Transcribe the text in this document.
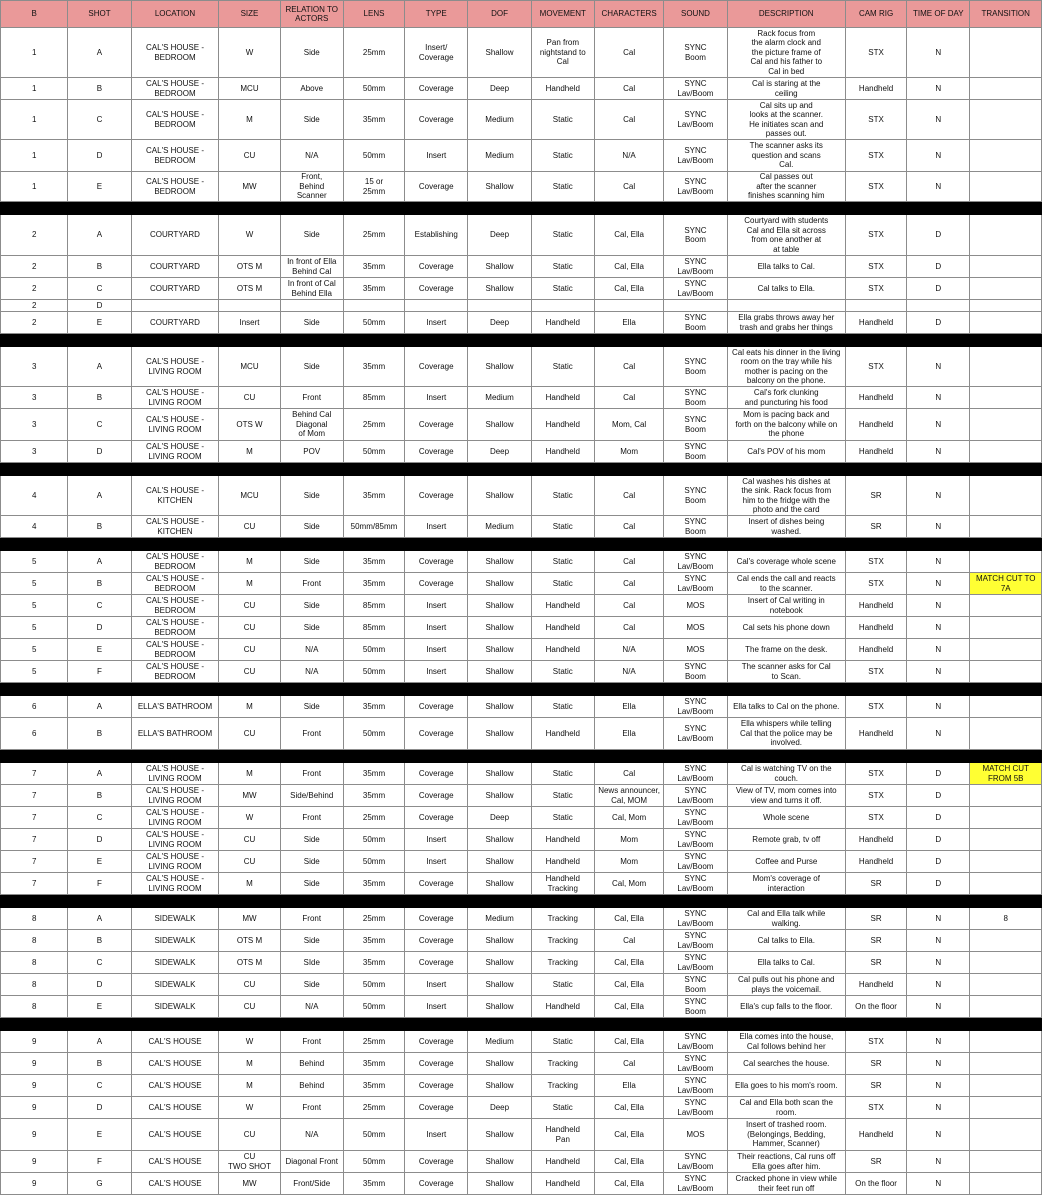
B	SHOT	LOCATION	SIZE	RELATION TO ACTORS	LENS	TYPE	DOF	MOVEMENT	CHARACTERS	SOUND	DESCRIPTION	CAM RIG	TIME OF DAY	TRANSITION
1	A	CAL'S HOUSE -
BEDROOM	W	Side	25mm	Insert/
Coverage	Shallow	Pan from
nightstand to
Cal	Cal	SYNC
Boom	Rack focus from
the alarm clock and
the picture frame of
Cal and his father to
Cal in bed	STX	N	
1	B	CAL'S HOUSE -
BEDROOM	MCU	Above	50mm	Coverage	Deep	Handheld	Cal	SYNC
Lav/Boom	Cal is staring at the
ceiling	Handheld	N	
1	C	CAL'S HOUSE -
BEDROOM	M	Side	35mm	Coverage	Medium	Static	Cal	SYNC
Lav/Boom	Cal sits up and
looks at the scanner.
He initiates scan and
passes out.	STX	N	
1	D	CAL'S HOUSE -
BEDROOM	CU	N/A	50mm	Insert	Medium	Static	N/A	SYNC
Lav/Boom	The scanner asks its
question and scans
Cal.	STX	N	
1	E	CAL'S HOUSE -
BEDROOM	MW	Front,
Behind
Scanner	15 or
25mm	Coverage	Shallow	Static	Cal	SYNC
Lav/Boom	Cal passes out
after the scanner
finishes scanning him	STX	N	

2	A	COURTYARD	W	Side	25mm	Establishing	Deep	Static	Cal, Ella	SYNC
Boom	Courtyard with students
Cal and Ella sit across
from one another at
at table	STX	D	
2	B	COURTYARD	OTS M	In front of Ella
Behind Cal	35mm	Coverage	Shallow	Static	Cal, Ella	SYNC
Lav/Boom	Ella talks to Cal.	STX	D	
2	C	COURTYARD	OTS M	In front of Cal
Behind Ella	35mm	Coverage	Shallow	Static	Cal, Ella	SYNC
Lav/Boom	Cal talks to Ella.	STX	D	
2	D													
2	E	COURTYARD	Insert	Side	50mm	Insert	Deep	Handheld	Ella	SYNC
Boom	Ella grabs throws away her
trash and grabs her things	Handheld	D	

3	A	CAL'S HOUSE -
LIVING ROOM	MCU	Side	35mm	Coverage	Shallow	Static	Cal	SYNC
Boom	Cal eats his dinner in the living
room on the tray while his
mother is pacing on the
balcony on the phone.	STX	N	
3	B	CAL'S HOUSE -
LIVING ROOM	CU	Front	85mm	Insert	Medium	Handheld	Cal	SYNC
Boom	Cal's fork clunking
and puncturing his food	Handheld	N	
3	C	CAL'S HOUSE -
LIVING ROOM	OTS W	Behind Cal
Diagonal
of Mom	25mm	Coverage	Shallow	Handheld	Mom, Cal	SYNC
Boom	Mom is pacing back and
forth on the balcony while on
the phone	Handheld	N	
3	D	CAL'S HOUSE -
LIVING ROOM	M	POV	50mm	Coverage	Deep	Handheld	Mom	SYNC
Boom	Cal's POV of his mom	Handheld	N	

4	A	CAL'S HOUSE -
KITCHEN	MCU	Side	35mm	Coverage	Shallow	Static	Cal	SYNC
Boom	Cal washes his dishes at
the sink. Rack focus from
him to the fridge with the
photo and the card	SR	N	
4	B	CAL'S HOUSE -
KITCHEN	CU	Side	50mm/85mm	Insert	Medium	Static	Cal	SYNC
Boom	Insert of dishes being
washed.	SR	N	

5	A	CAL'S HOUSE -
BEDROOM	M	Side	35mm	Coverage	Shallow	Static	Cal	SYNC
Lav/Boom	Cal's coverage whole scene	STX	N	
5	B	CAL'S HOUSE -
BEDROOM	M	Front	35mm	Coverage	Shallow	Static	Cal	SYNC
Lav/Boom	Cal ends the call and reacts
to the scanner.	STX	N	MATCH CUT TO
7A
5	C	CAL'S HOUSE -
BEDROOM	CU	Side	85mm	Insert	Shallow	Handheld	Cal	MOS	Insert of Cal writing in
notebook	Handheld	N	
5	D	CAL'S HOUSE -
BEDROOM	CU	Side	85mm	Insert	Shallow	Handheld	Cal	MOS	Cal sets his phone down	Handheld	N	
5	E	CAL'S HOUSE -
BEDROOM	CU	N/A	50mm	Insert	Shallow	Handheld	N/A	MOS	The frame on the desk.	Handheld	N	
5	F	CAL'S HOUSE -
BEDROOM	CU	N/A	50mm	Insert	Shallow	Static	N/A	SYNC
Boom	The scanner asks for Cal
to Scan.	STX	N	

6	A	ELLA'S BATHROOM	M	Side	35mm	Coverage	Shallow	Static	Ella	SYNC
Lav/Boom	Ella talks to Cal on the phone.	STX	N	
6	B	ELLA'S BATHROOM	CU	Front	50mm	Coverage	Shallow	Handheld	Ella	SYNC
Lav/Boom	Ella whispers while telling
Cal that the police may be
involved.	Handheld	N	

7	A	CAL'S HOUSE -
LIVING ROOM	M	Front	35mm	Coverage	Shallow	Static	Cal	SYNC
Lav/Boom	Cal is watching TV on the
couch.	STX	D	MATCH CUT
FROM 5B
7	B	CAL'S HOUSE -
LIVING ROOM	MW	Side/Behind	35mm	Coverage	Shallow	Static	News announcer,
Cal, MOM	SYNC
Lav/Boom	View of TV, mom comes into
view and turns it off.	STX	D	
7	C	CAL'S HOUSE -
LIVING ROOM	W	Front	25mm	Coverage	Deep	Static	Cal, Mom	SYNC
Lav/Boom	Whole scene	STX	D	
7	D	CAL'S HOUSE -
LIVING ROOM	CU	Side	50mm	Insert	Shallow	Handheld	Mom	SYNC
Lav/Boom	Remote grab, tv off	Handheld	D	
7	E	CAL'S HOUSE -
LIVING ROOM	CU	Side	50mm	Insert	Shallow	Handheld	Mom	SYNC
Lav/Boom	Coffee and Purse	Handheld	D	
7	F	CAL'S HOUSE -
LIVING ROOM	M	Side	35mm	Coverage	Shallow	Handheld
Tracking	Cal, Mom	SYNC
Lav/Boom	Mom's coverage of
interaction	SR	D	

8	A	SIDEWALK	MW	Front	25mm	Coverage	Medium	Tracking	Cal, Ella	SYNC
Lav/Boom	Cal and Ella talk while
walking.	SR	N	8
8	B	SIDEWALK	OTS M	Side	35mm	Coverage	Shallow	Tracking	Cal	SYNC
Lav/Boom	Cal talks to Ella.	SR	N	
8	C	SIDEWALK	OTS M	SIde	35mm	Coverage	Shallow	Tracking	Cal, Ella	SYNC
Lav/Boom	Ella talks to Cal.	SR	N	
8	D	SIDEWALK	CU	Side	50mm	Insert	Shallow	Static	Cal, Ella	SYNC
Boom	Cal pulls out his phone and
plays the voicemail.	Handheld	N	
8	E	SIDEWALK	CU	N/A	50mm	Insert	Shallow	Handheld	Cal, Ella	SYNC
Boom	Ella's cup falls to the floor.	On the floor	N	

9	A	CAL'S HOUSE	W	Front	25mm	Coverage	Medium	Static	Cal, Ella	SYNC
Lav/Boom	Ella comes into the house,
Cal follows behind her	STX	N	
9	B	CAL'S HOUSE	M	Behind	35mm	Coverage	Shallow	Tracking	Cal	SYNC
Lav/Boom	Cal searches the house.	SR	N	
9	C	CAL'S HOUSE	M	Behind	35mm	Coverage	Shallow	Tracking	Ella	SYNC
Lav/Boom	Ella goes to his mom's room.	SR	N	
9	D	CAL'S HOUSE	W	Front	25mm	Coverage	Deep	Static	Cal, Ella	SYNC
Lav/Boom	Cal and Ella both scan the
room.	STX	N	
9	E	CAL'S HOUSE	CU	N/A	50mm	Insert	Shallow	Handheld
Pan	Cal, Ella	MOS	Insert of trashed room.
(Belongings, Bedding,
Hammer, Scanner)	Handheld	N	
9	F	CAL'S HOUSE	CU
TWO SHOT	Diagonal Front	50mm	Coverage	Shallow	Handheld	Cal, Ella	SYNC
Lav/Boom	Their reactions, Cal runs off
Ella goes after him.	SR	N	
9	G	CAL'S HOUSE	MW	Front/Side	35mm	Coverage	Shallow	Handheld	Cal, Ella	SYNC
Lav/Boom	Cracked phone in view while
their feet run off	On the floor	N	
